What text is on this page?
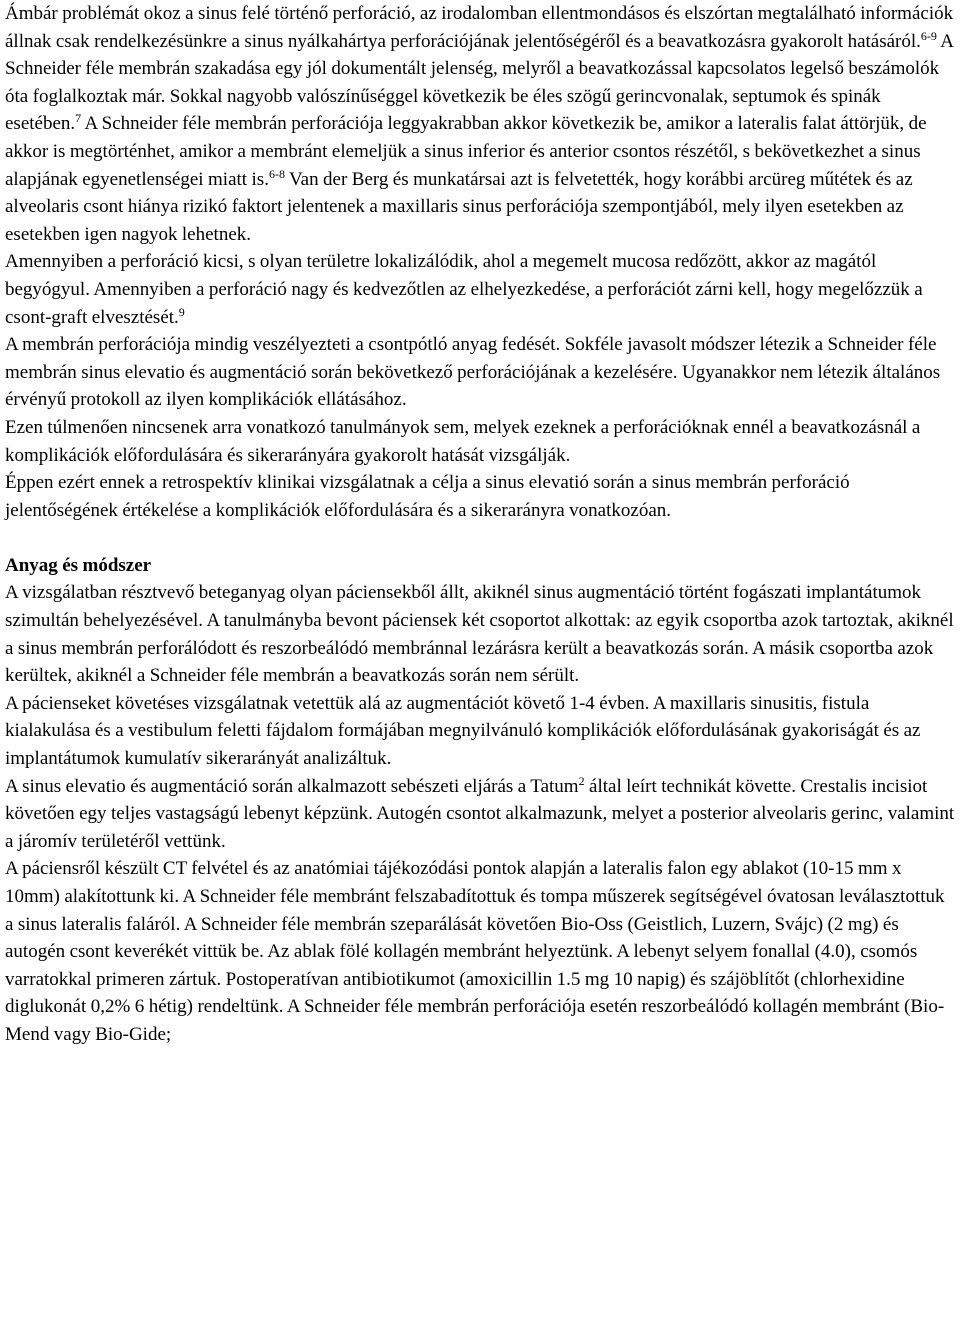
Ámbár problémát okoz a sinus felé történő perforáció, az irodalomban ellentmondásos és elszórtan megtalálható információk állnak csak rendelkezésünkre a sinus nyálkahártya perforációjának jelentőségéről és a beavatkozásra gyakorolt hatásáról.$^{6-9}$ A Schneider féle membrán szakadása egy jól dokumentált jelenség, melyről a beavatkozással kapcsolatos legelső beszámolók óta foglalkoztak már. Sokkal nagyobb valószínűséggel következik be éles szögű gerincvonalak, septumok és spinák esetében.$^7$ A Schneider féle membrán perforációja leggyakrabban akkor következik be, amikor a lateralis falat áttörjük, de akkor is megtörténhet, amikor a membránt elemeljük a sinus inferior és anterior csontos részétől, s bekövetkezhet a sinus alapjának egyenetlenségei miatt is.$^{6-8}$ Van der Berg és munkatársai azt is felvetették, hogy korábbi arcüreg műtétek és az alveolaris csont hiánya rizikó faktort jelentenek a maxillaris sinus perforációja szempontjából, mely ilyen esetekben az esetekben igen nagyok lehetnek.

Amennyiben a perforáció kicsi, s olyan területre lokalizálódik, ahol a megemelt mucosa redőzött, akkor az magától begyógyul. Amennyiben a perforáció nagy és kedvezőtlen az elhelyezkedése, a perforációt zárni kell, hogy megelőzzük a csont-graft elvesztését.$^9$

A membrán perforációja mindig veszélyezteti a csontpótló anyag fedését. Sokféle javasolt módszer létezik a Schneider féle membrán sinus elevatio és augmentáció során bekövetkező perforációjának a kezelésére. Ugyanakkor nem létezik általános érvényű protokoll az ilyen komplikációk ellátásához.

Ezen túlmenően nincsenek arra vonatkozó tanulmányok sem, melyek ezeknek a perforációknak ennél a beavatkozásnál a komplikációk előfordulására és sikerarányára gyakorolt hatását vizsgálják.

Éppen ezért ennek a retrospektív klinikai vizsgálatnak a célja a sinus elevatió során a sinus membrán perforáció jelentőségének értékelése a komplikációk előfordulására és a sikerarányra vonatkozóan.

Anyag és módszer

A vizsgálatban résztvevő beteganyag olyan páciensekből állt, akiknél sinus augmentáció történt fogászati implantátumok szimultán behelyezésével. A tanulmányba bevont páciensek két csoportot alkottak: az egyik csoportba azok tartoztak, akiknél a sinus membrán perforálódott és reszorbeálódó membránnal lezárásra került a beavatkozás során. A másik csoportba azok kerültek, akiknél a Schneider féle membrán a beavatkozás során nem sérült.

A pácienseket követéses vizsgálatnak vetettük alá az augmentációt követő 1-4 évben. A maxillaris sinusitis, fistula kialakulása és a vestibulum feletti fájdalom formájában megnyilvánuló komplikációk előfordulásának gyakoriságát és az implantátumok kumulatív sikerarányát analizáltuk.

A sinus elevatio és augmentáció során alkalmazott sebészeti eljárás a Tatum$^2$ által leírt technikát követte. Crestalis incisiot követően egy teljes vastagságú lebenyt képzünk. Autogén csontot alkalmazunk, melyet a posterior alveolaris gerinc, valamint a járomív területéről vettünk.

A páciensről készült CT felvétel és az anatómiai tájékozódási pontok alapján a lateralis falon egy ablakot (10-15 mm x 10mm) alakítottunk ki. A Schneider féle membránt felszabadítottuk és tompa műszerek segítségével óvatosan leválasztottuk a sinus lateralis faláról. A Schneider féle membrán szeparálását követően Bio-Oss (Geistlich, Luzern, Svájc) (2 mg) és autogén csont keverékét vittük be. Az ablak fölé kollagén membránt helyeztünk. A lebenyt selyem fonallal (4.0), csomós varratokkal primeren zártuk. Postoperatívan antibiotikumot (amoxicillin 1.5 mg 10 napig) és szájöblítőt (chlorhexidine diglukonát 0,2% 6 hétig) rendeltünk. A Schneider féle membrán perforációja esetén reszorbeálódó kollagén membránt (Bio-Mend vagy Bio-Gide;
